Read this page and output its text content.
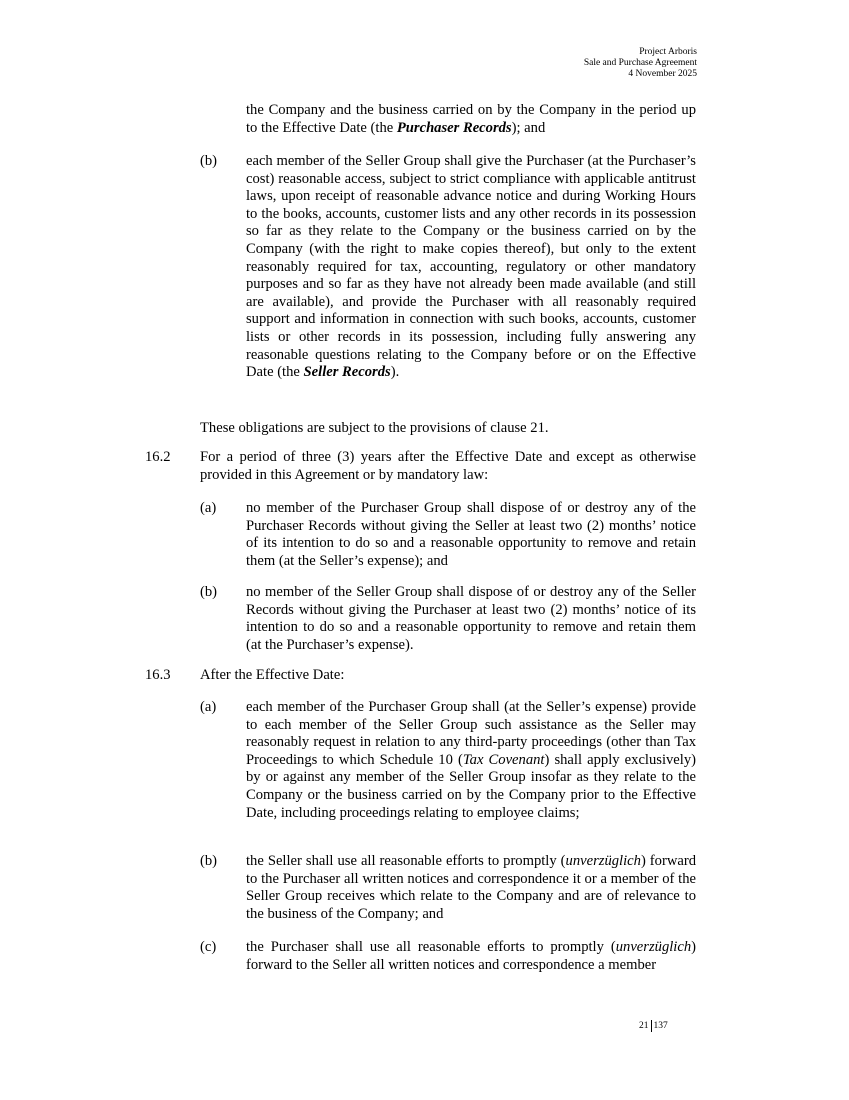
Project Arboris
Sale and Purchase Agreement
4 November 2025

the Company and the business carried on by the Company in the period up to the Effective Date (the Purchaser Records); and

(b) each member of the Seller Group shall give the Purchaser (at the Purchaser’s cost) reasonable access, subject to strict compliance with applicable antitrust laws, upon receipt of reasonable advance notice and during Working Hours to the books, accounts, customer lists and any other records in its possession so far as they relate to the Company or the business carried on by the Company (with the right to make copies thereof), but only to the extent reasonably required for tax, accounting, regulatory or other mandatory purposes and so far as they have not already been made available (and still are available), and provide the Purchaser with all reasonably required support and information in connection with such books, accounts, customer lists or other records in its possession, including fully answering any reasonable questions relating to the Company before or on the Effective Date (the Seller Records).

These obligations are subject to the provisions of clause 21.

16.2 For a period of three (3) years after the Effective Date and except as otherwise provided in this Agreement or by mandatory law:

(a) no member of the Purchaser Group shall dispose of or destroy any of the Purchaser Records without giving the Seller at least two (2) months’ notice of its intention to do so and a reasonable opportunity to remove and retain them (at the Seller’s expense); and

(b) no member of the Seller Group shall dispose of or destroy any of the Seller Records without giving the Purchaser at least two (2) months’ notice of its intention to do so and a reasonable opportunity to remove and retain them (at the Purchaser’s expense).

16.3 After the Effective Date:

(a) each member of the Purchaser Group shall (at the Seller’s expense) provide to each member of the Seller Group such assistance as the Seller may reasonably request in relation to any third-party proceedings (other than Tax Proceedings to which Schedule 10 (Tax Covenant) shall apply exclusively) by or against any member of the Seller Group insofar as they relate to the Company or the business carried on by the Company prior to the Effective Date, including proceedings relating to employee claims;

(b) the Seller shall use all reasonable efforts to promptly (unverzüglich) forward to the Purchaser all written notices and correspondence it or a member of the Seller Group receives which relate to the Company and are of relevance to the business of the Company; and

(c) the Purchaser shall use all reasonable efforts to promptly (unverzüglich) forward to the Seller all written notices and correspondence a member

21 137
